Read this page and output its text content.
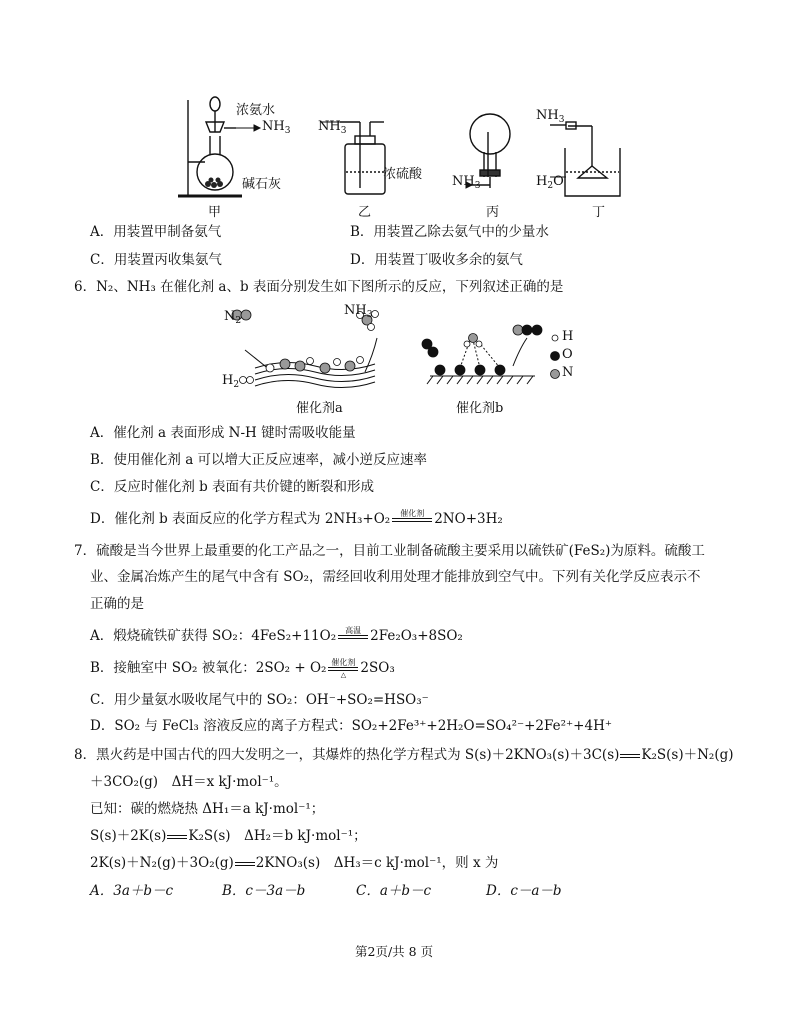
浓氨水
$NH_3$
碱石灰
甲
$NH_3$
浓硫酸
乙
$NH_3$
丙
$NH_3$
$H_2O$
丁
A．用装置甲制备氨气	B．用装置乙除去氨气中的少量水
C．用装置丙收集氨气	D．用装置丁吸收多余的氨气
6．N₂、NH₃ 在催化剂 a、b 表面分别发生如下图所示的反应，下列叙述正确的是
$N_2$
$NH_3$
$H_2$
H
O
N
催化剂a	催化剂b
A．催化剂 a 表面形成 N-H 键时需吸收能量
B．使用催化剂 a 可以增大正反应速率，减小逆反应速率
C．反应时催化剂 b 表面有共价键的断裂和形成
D．催化剂 b 表面反应的化学方程式为 2NH₃+O₂	催化剂
2NO+3H₂
7．硫酸是当今世界上最重要的化工产品之一，目前工业制备硫酸主要采用以硫铁矿(FeS₂)为原料。硫酸工
业、金属冶炼产生的尾气中含有 SO₂，需经回收利用处理才能排放到空气中。下列有关化学反应表示不
正确的是
A．煅烧硫铁矿获得 SO₂：4FeS₂+11O₂	高温
2Fe₂O₃+8SO₂
B．接触室中 SO₂ 被氧化：2SO₂ + O₂ 催化剂
△	2SO₃
C．用少量氨水吸收尾气中的 SO₂：OH⁻+SO₂=HSO₃⁻
D．SO₂ 与 FeCl₃ 溶液反应的离子方程式：SO₂+2Fe³⁺+2H₂O=SO₄²⁻+2Fe²⁺+4H⁺
8．黑火药是中国古代的四大发明之一，其爆炸的热化学方程式为 S(s)＋2KNO₃(s)＋3C(s) K₂S(s)＋N₂(g)
＋3CO₂(g)　ΔH＝x kJ·mol⁻¹。
已知：碳的燃烧热 ΔH₁＝a kJ·mol⁻¹；
S(s)＋2K(s) K₂S(s)　ΔH₂＝b kJ·mol⁻¹；
2K(s)＋N₂(g)＋3O₂(g) 2KNO₃(s)　ΔH₃＝c kJ·mol⁻¹，则 x 为
A．3a＋b－c	B．c－3a－b	C．a＋b－c	D．c－a－b
第2页/共 8 页
